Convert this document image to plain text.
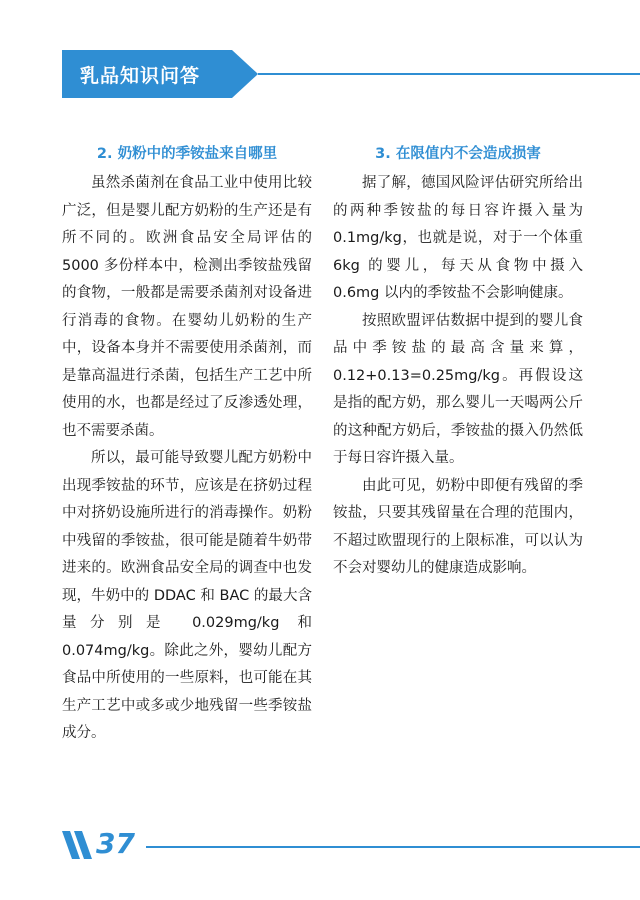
乳品知识问答
2. 奶粉中的季铵盐来自哪里

虽然杀菌剂在食品工业中使用比较广泛，但是婴儿配方奶粉的生产还是有所不同的。欧洲食品安全局评估的 5000 多份样本中，检测出季铵盐残留的食物，一般都是需要杀菌剂对设备进行消毒的食物。在婴幼儿奶粉的生产中，设备本身并不需要使用杀菌剂，而是靠高温进行杀菌，包括生产工艺中所使用的水，也都是经过了反渗透处理，也不需要杀菌。

所以，最可能导致婴儿配方奶粉中出现季铵盐的环节，应该是在挤奶过程中对挤奶设施所进行的消毒操作。奶粉中残留的季铵盐，很可能是随着牛奶带进来的。欧洲食品安全局的调查中也发现，牛奶中的 DDAC 和 BAC 的最大含量分别是 0.029mg/kg 和 0.074mg/kg。除此之外，婴幼儿配方食品中所使用的一些原料，也可能在其生产工艺中或多或少地残留一些季铵盐成分。

3. 在限值内不会造成损害

据了解，德国风险评估研究所给出的两种季铵盐的每日容许摄入量为 0.1mg/kg，也就是说，对于一个体重 6kg 的婴儿，每天从食物中摄入 0.6mg 以内的季铵盐不会影响健康。

按照欧盟评估数据中提到的婴儿食品中季铵盐的最高含量来算，0.12+0.13=0.25mg/kg。再假设这是指的配方奶，那么婴儿一天喝两公斤的这种配方奶后，季铵盐的摄入仍然低于每日容许摄入量。

由此可见，奶粉中即便有残留的季铵盐，只要其残留量在合理的范围内，不超过欧盟现行的上限标准，可以认为不会对婴幼儿的健康造成影响。

37
